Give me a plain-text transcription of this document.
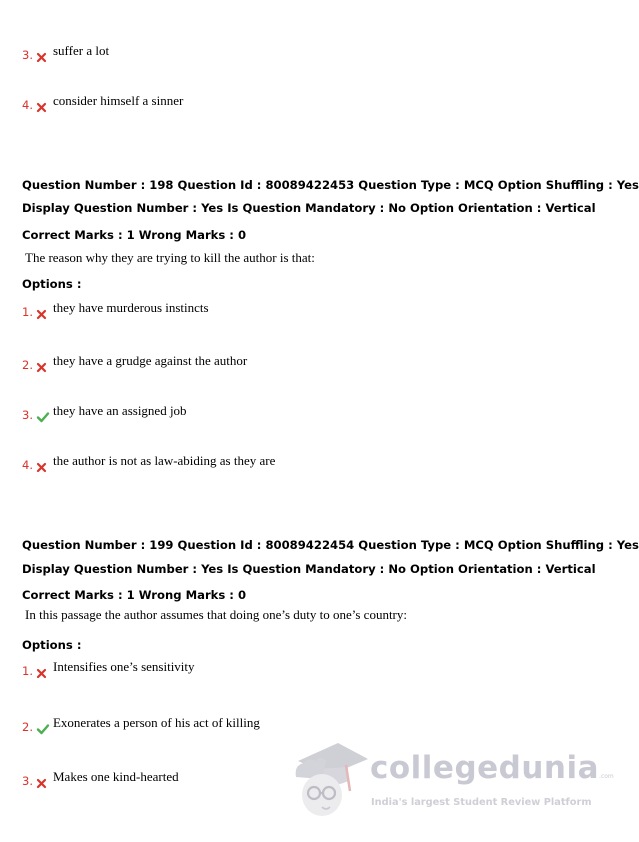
3. suffer a lot
4. consider himself a sinner
Question Number : 198 Question Id : 80089422453 Question Type : MCQ Option Shuffling : Yes
Display Question Number : Yes Is Question Mandatory : No Option Orientation : Vertical
Correct Marks : 1 Wrong Marks : 0
The reason why they are trying to kill the author is that:
Options :
1. they have murderous instincts
2. they have a grudge against the author
3. they have an assigned job
4. the author is not as law-abiding as they are
Question Number : 199 Question Id : 80089422454 Question Type : MCQ Option Shuffling : Yes
Display Question Number : Yes Is Question Mandatory : No Option Orientation : Vertical
Correct Marks : 1 Wrong Marks : 0
In this passage the author assumes that doing one’s duty to one’s country:
Options :
1. Intensifies one’s sensitivity
2. Exonerates a person of his act of killing
3. Makes one kind-hearted	collegedunia.com
India's largest Student Review Platform
